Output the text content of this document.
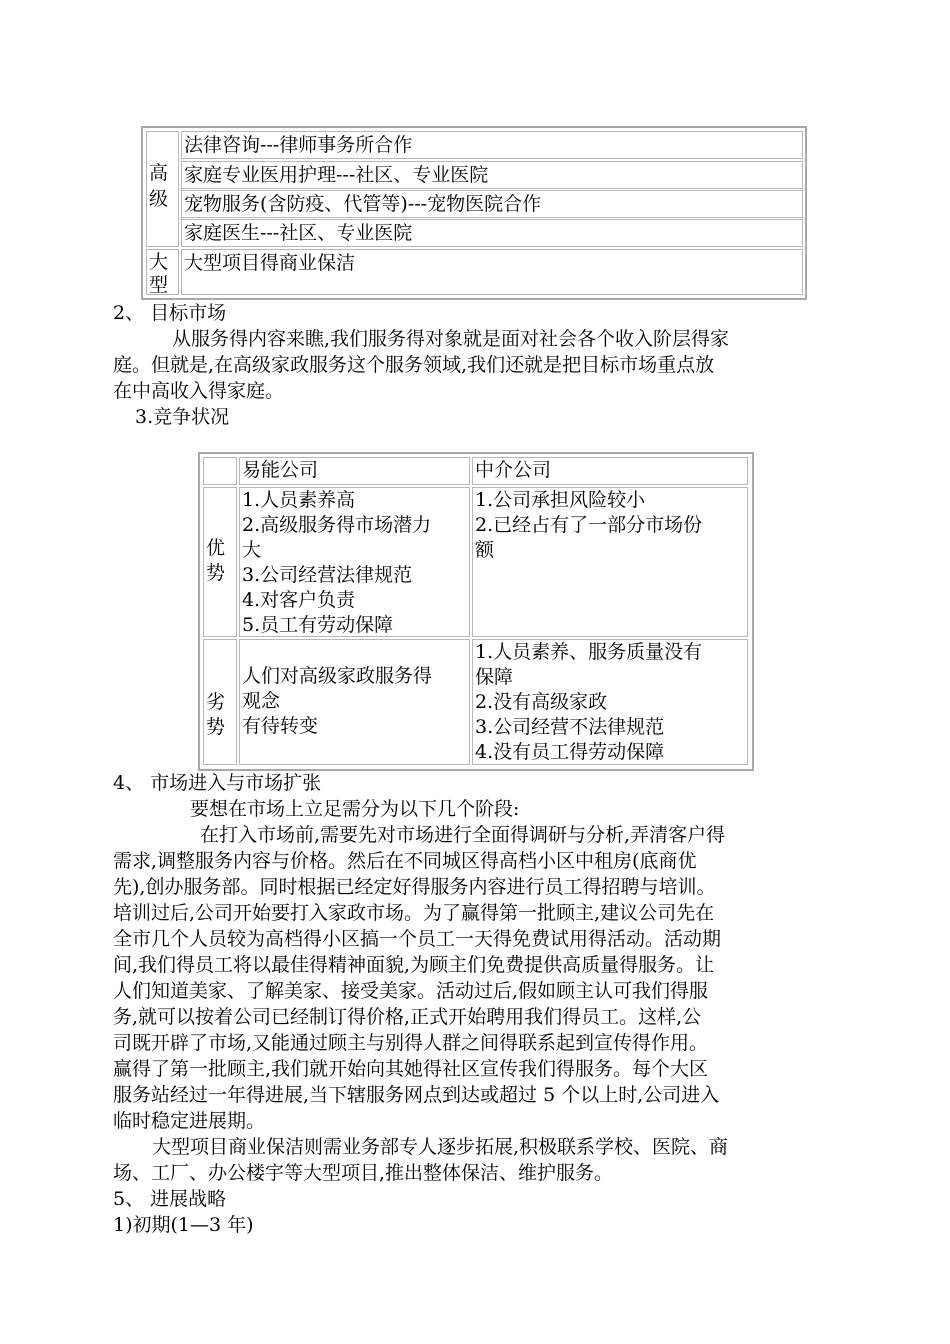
高
级
法律咨询---律师事务所合作
家庭专业医用护理---社区、专业医院
宠物服务(含防疫、代管等)---宠物医院合作
家庭医生---社区、专业医院
大
型
大型项目得商业保洁
2、 目标市场
从服务得内容来瞧,我们服务得对象就是面对社会各个收入阶层得家
庭。但就是,在高级家政服务这个服务领域,我们还就是把目标市场重点放
在中高收入得家庭。
3.竞争状况
易能公司	中介公司
优
势
1.人员素养高
2.高级服务得市场潜力
大
3.公司经营法律规范
4.对客户负责
5.员工有劳动保障
1.公司承担风险较小
2.已经占有了一部分市场份
额
劣
势
人们对高级家政服务得
观念
有待转变
1.人员素养、服务质量没有
保障
2.没有高级家政
3.公司经营不法律规范
4.没有员工得劳动保障
4、 市场进入与市场扩张
要想在市场上立足需分为以下几个阶段:
在打入市场前,需要先对市场进行全面得调研与分析,弄清客户得
需求,调整服务内容与价格。然后在不同城区得高档小区中租房(底商优
先),创办服务部。同时根据已经定好得服务内容进行员工得招聘与培训。
培训过后,公司开始要打入家政市场。为了赢得第一批顾主,建议公司先在
全市几个人员较为高档得小区搞一个员工一天得免费试用得活动。活动期
间,我们得员工将以最佳得精神面貌,为顾主们免费提供高质量得服务。让
人们知道美家、了解美家、接受美家。活动过后,假如顾主认可我们得服
务,就可以按着公司已经制订得价格,正式开始聘用我们得员工。这样,公
司既开辟了市场,又能通过顾主与别得人群之间得联系起到宣传得作用。
赢得了第一批顾主,我们就开始向其她得社区宣传我们得服务。每个大区
服务站经过一年得进展,当下辖服务网点到达或超过 5 个以上时,公司进入
临时稳定进展期。
大型项目商业保洁则需业务部专人逐步拓展,积极联系学校、医院、商
场、工厂、办公楼宇等大型项目,推出整体保洁、维护服务。
5、 进展战略
1)初期(1—3 年)
